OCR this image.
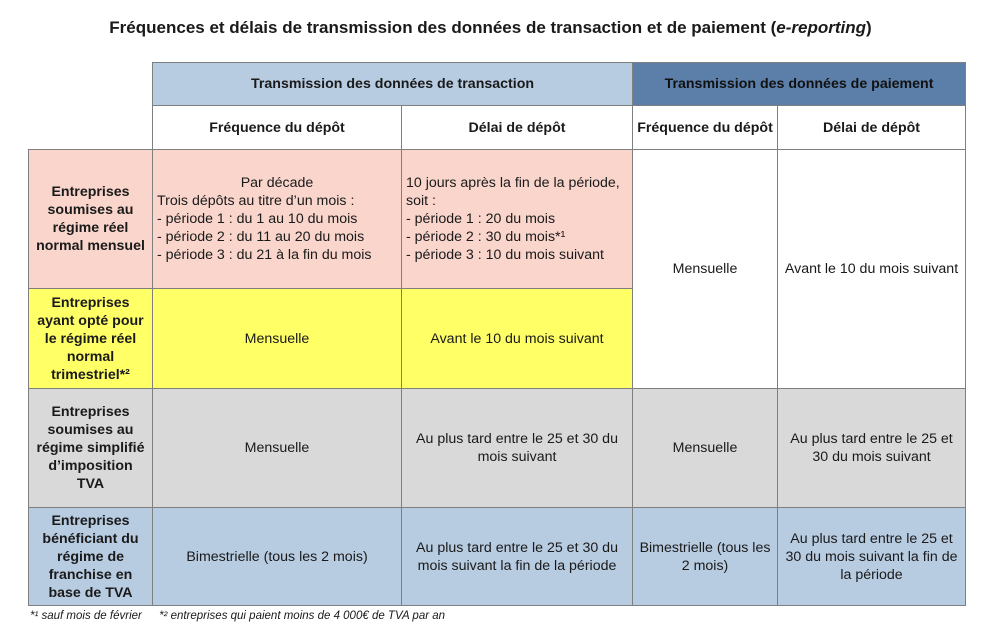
Fréquences et délais de transmission des données de transaction et de paiement (e-reporting)
	Transmission des données de transaction		Transmission des données de paiement	
	Fréquence du dépôt	Délai de dépôt	Fréquence du dépôt	Délai de dépôt
Entreprises soumises au régime réel normal mensuel	Par décade
Trois dépôts au titre d’un mois :
- période 1 : du 1 au 10 du mois
- période 2 : du 11 au 20 du mois
- période 3 : du 21 à la fin du mois	10 jours après la fin de la période, soit :
- période 1 : 20 du mois
- période 2 : 30 du mois*¹
- période 3 : 10 du mois suivant	Mensuelle	Avant le 10 du mois suivant
Entreprises ayant opté pour le régime réel normal trimestriel*²	Mensuelle	Avant le 10 du mois suivant		
Entreprises soumises au régime simplifié d’imposition TVA	Mensuelle	Au plus tard entre le 25 et 30 du mois suivant	Mensuelle	Au plus tard entre le 25 et 30 du mois suivant
Entreprises bénéficiant du régime de franchise en base de TVA	Bimestrielle (tous les 2 mois)	Au plus tard entre le 25 et 30 du mois suivant la fin de la période	Bimestrielle (tous les 2 mois)	Au plus tard entre le 25 et 30 du mois suivant la fin de la période
*¹ sauf mois de février *² entreprises qui paient moins de 4 000€ de TVA par an
